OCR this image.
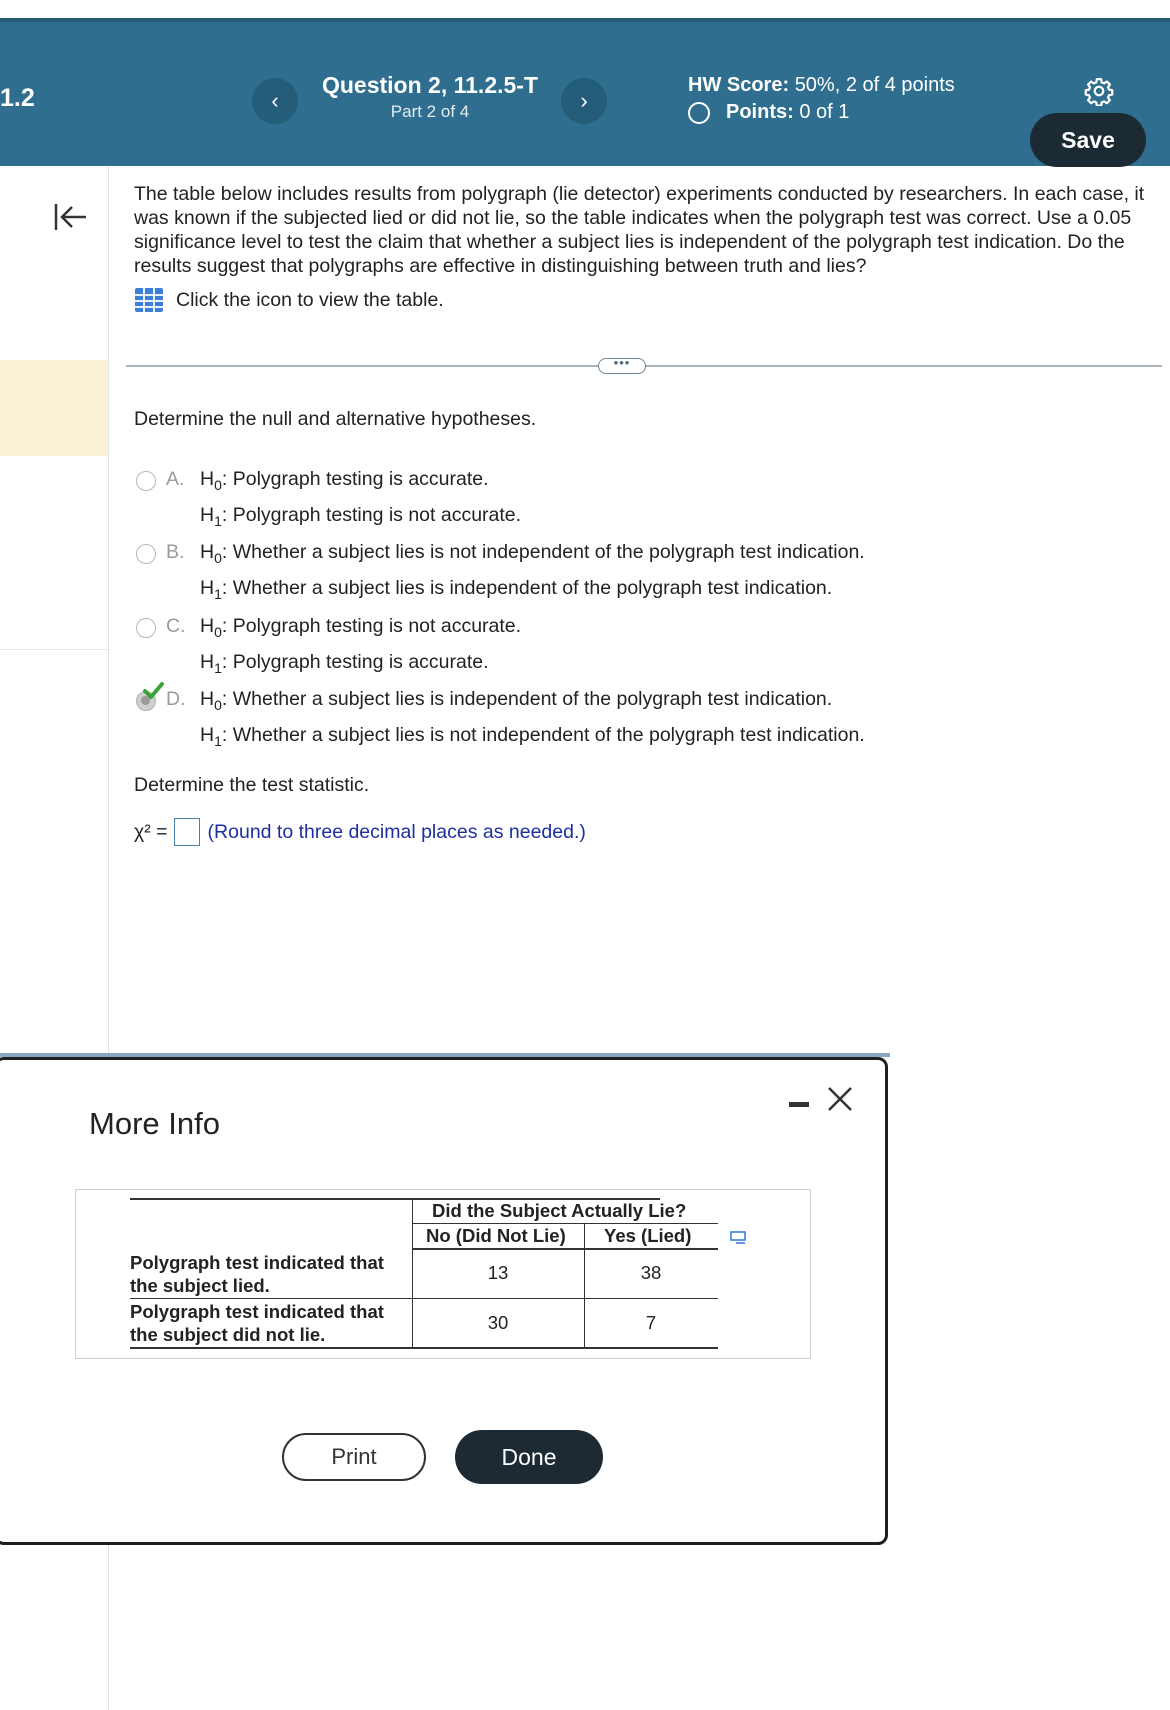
1.2	‹
Question 2, 11.2.5-T
Part 2 of 4	›
HW Score: 50%, 2 of 4 points
Points:
0 of 1
Save
The table below includes results from polygraph (lie detector) experiments conducted by researchers. In each case, it was known if the subjected lied or did not lie, so the table indicates when the polygraph test was correct. Use a 0.05 significance level to test the claim that whether a subject lies is independent of the polygraph test indication. Do the results suggest that polygraphs are effective in distinguishing between truth and lies?
Click the icon to view the table.
•••
Determine the null and alternative hypotheses.
A. $H_0$: Polygraph testing is accurate.
$H_1$: Polygraph testing is not accurate.
B. $H_0$: Whether a subject lies is not independent of the polygraph test indication.
$H_1$: Whether a subject lies is independent of the polygraph test indication.
C. $H_0$: Polygraph testing is not accurate.
$H_1$: Polygraph testing is accurate.
D. $H_0$: Whether a subject lies is independent of the polygraph test indication.
$H_1$: Whether a subject lies is not independent of the polygraph test indication.
Determine the test statistic.
χ² = (Round to three decimal places as needed.)
More Info
Did the Subject Actually Lie?
No (Did Not Lie) Yes (Lied)
Polygraph test indicated that
the subject lied.
13	38
Polygraph test indicated that
the subject did not lie.
30	7
Print	Done
